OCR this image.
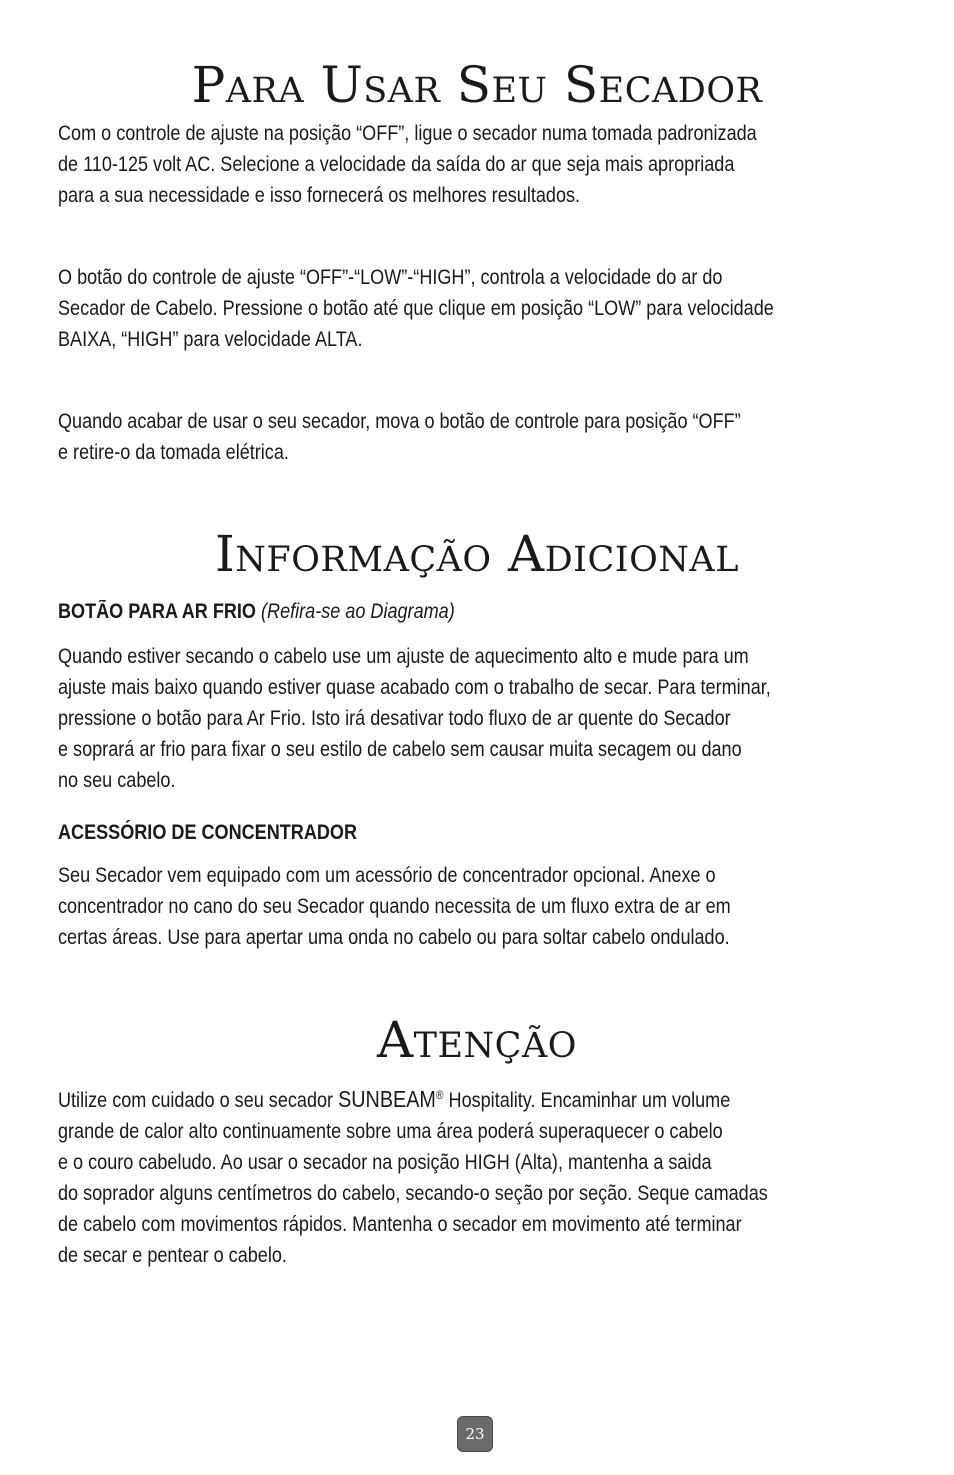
Para Usar Seu Secador

Com o controle de ajuste na posição “OFF”, ligue o secador numa tomada padronizada
de 110-125 volt AC. Selecione a velocidade da saída do ar que seja mais apropriada
para a sua necessidade e isso fornecerá os melhores resultados.

O botão do controle de ajuste “OFF”-“LOW”-“HIGH”, controla a velocidade do ar do
Secador de Cabelo. Pressione o botão até que clique em posição “LOW” para velocidade
BAIXA, “HIGH” para velocidade ALTA.

Quando acabar de usar o seu secador, mova o botão de controle para posição “OFF”
e retire-o da tomada elétrica.

Informação Adicional

BOTÃO PARA AR FRIO (Refira-se ao Diagrama)

Quando estiver secando o cabelo use um ajuste de aquecimento alto e mude para um
ajuste mais baixo quando estiver quase acabado com o trabalho de secar. Para terminar,
pressione o botão para Ar Frio. Isto irá desativar todo fluxo de ar quente do Secador
e soprará ar frio para fixar o seu estilo de cabelo sem causar muita secagem ou dano
no seu cabelo.

ACESSÓRIO DE CONCENTRADOR

Seu Secador vem equipado com um acessório de concentrador opcional. Anexe o
concentrador no cano do seu Secador quando necessita de um fluxo extra de ar em
certas áreas. Use para apertar uma onda no cabelo ou para soltar cabelo ondulado.

Atenção

Utilize com cuidado o seu secador SUNBEAM® Hospitality. Encaminhar um volume
grande de calor alto continuamente sobre uma área poderá superaquecer o cabelo
e o couro cabeludo. Ao usar o secador na posição HIGH (Alta), mantenha a saida
do soprador alguns centímetros do cabelo, secando-o seção por seção. Seque camadas
de cabelo com movimentos rápidos. Mantenha o secador em movimento até terminar
de secar e pentear o cabelo.

23
